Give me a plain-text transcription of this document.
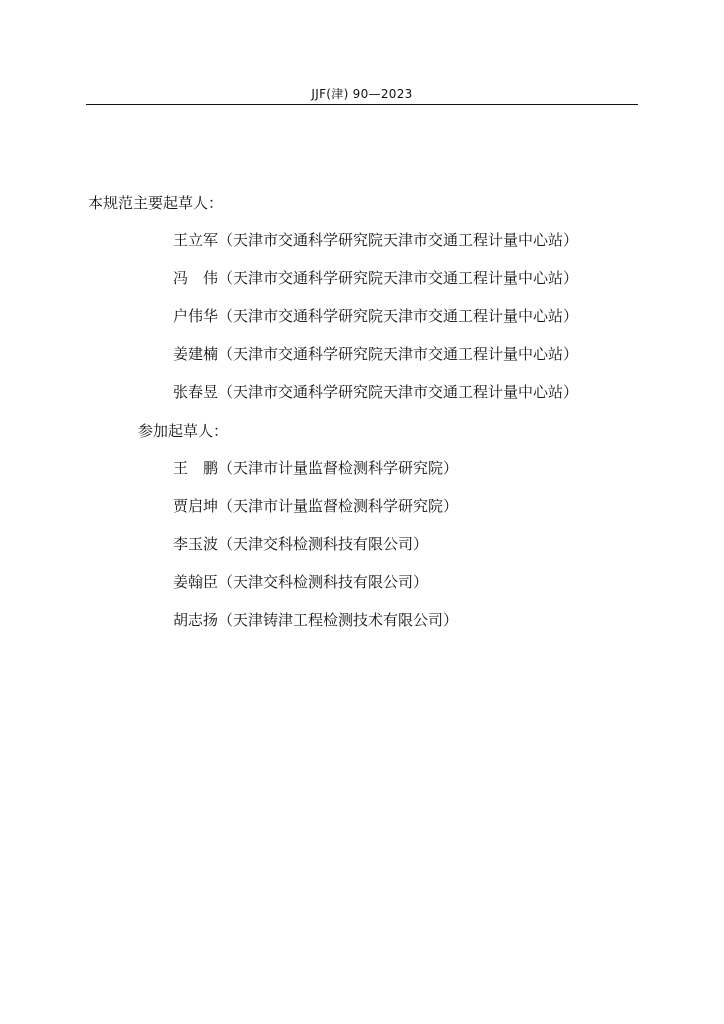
JJF(津) 90—2023
本规范主要起草人：
王立军（天津市交通科学研究院天津市交通工程计量中心站）
冯　伟（天津市交通科学研究院天津市交通工程计量中心站）
户伟华（天津市交通科学研究院天津市交通工程计量中心站）
姜建楠（天津市交通科学研究院天津市交通工程计量中心站）
张春昱（天津市交通科学研究院天津市交通工程计量中心站）
参加起草人：
王　鹏（天津市计量监督检测科学研究院）
贾启坤（天津市计量监督检测科学研究院）
李玉波（天津交科检测科技有限公司）
姜翰臣（天津交科检测科技有限公司）
胡志扬（天津铸津工程检测技术有限公司）
